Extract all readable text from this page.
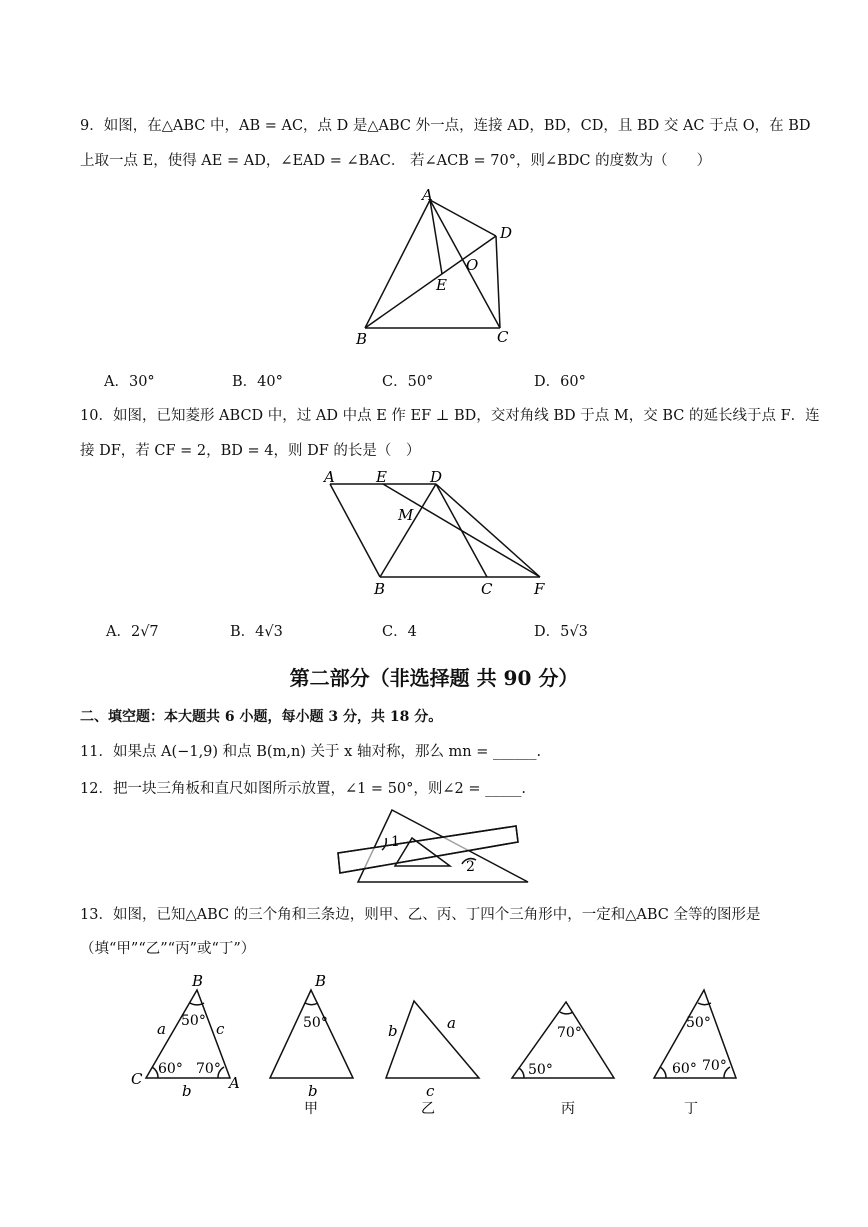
9．如图，在△ABC 中，AB = AC，点 D 是△ABC 外一点，连接 AD，BD，CD，且 BD 交 AC 于点 O，在 BD
上取一点 E，使得 AE = AD，∠EAD = ∠BAC． 若∠ACB = 70°，则∠BDC 的度数为（　　）
A
D
O
E
B	C
A．30°	B．40°	C．50°	D．60°
10．如图，已知菱形 ABCD 中，过 AD 中点 E 作 EF ⊥ BD，交对角线 BD 于点 M，交 BC 的延长线于点 F．连
接 DF，若 CF = 2，BD = 4，则 DF 的长是（　）
A	E	D
M
B	C	F
A．2√7	B．4√3	C．4	D．5√3
第二部分（非选择题 共 90 分）
二、填空题：本大题共 6 小题，每小题 3 分，共 18 分。
11．如果点 A(−1,9) 和点 B(m,n) 关于 x 轴对称，那么 mn = ______.
12．把一块三角板和直尺如图所示放置，∠1 = 50°，则∠2 = _____.
1
2
13．如图，已知△ABC 的三个角和三条边，则甲、乙、丙、丁四个三角形中，一定和△ABC 全等的图形是
（填“甲”“乙”“丙”或“丁”）
B
C	A
a	c
b
50°
60° 70°
B
50°
b
甲
b	a
c
乙
70°
50°
丙
50°
60° 70°
丁
